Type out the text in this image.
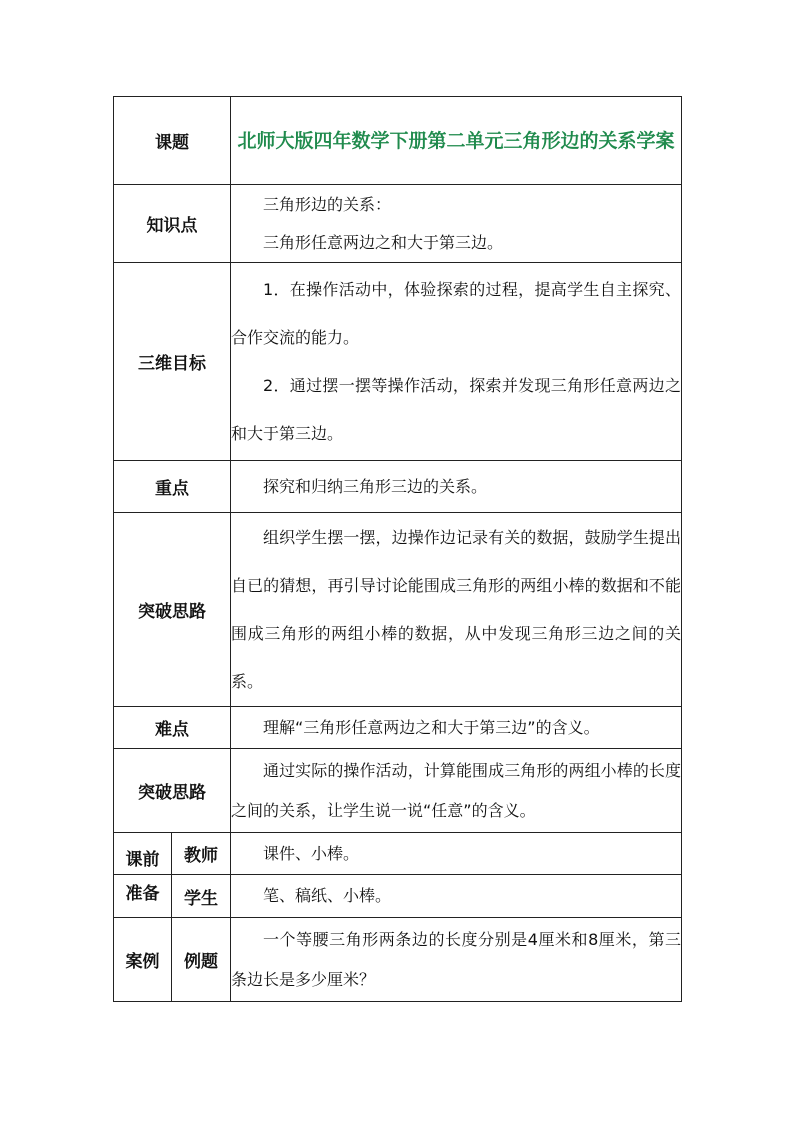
课题		北师大版四年数学下册第二单元三角形边的关系学案
知识点		三角形边的关系：
三角形任意两边之和大于第三边。

三维目标		1．在操作活动中，体验探索的过程，提高学生自主探究、合作交流的能力。
2．通过摆一摆等操作活动，探索并发现三角形任意两边之和大于第三边。

重点		探究和归纳三角形三边的关系。

突破思路		组织学生摆一摆，边操作边记录有关的数据，鼓励学生提出自已的猜想，再引导讨论能围成三角形的两组小棒的数据和不能围成三角形的两组小棒的数据，从中发现三角形三边之间的关系。

难点		理解“三角形任意两边之和大于第三边”的含义。

突破思路		通过实际的操作活动，计算能围成三角形的两组小棒的长度之间的关系，让学生说一说“任意”的含义。

课前	教师	课件、小棒。

准备	学生	笔、稿纸、小棒。

案例	例题	一个等腰三角形两条边的长度分别是4厘米和8厘米，第三条边长是多少厘米？
